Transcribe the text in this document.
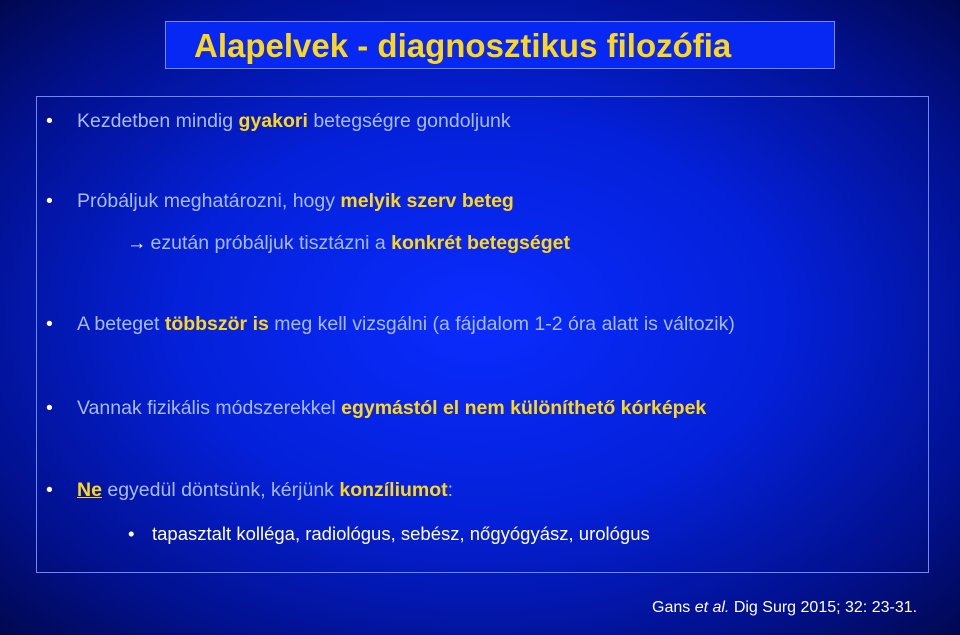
Alapelvek - diagnosztikus filozófia
• Kezdetben mindig gyakori betegségre gondoljunk
• Próbáljuk meghatározni, hogy melyik szerv beteg
→ ezután próbáljuk tisztázni a konkrét betegséget
• A beteget többször is meg kell vizsgálni (a fájdalom 1-2 óra alatt is változik)
• Vannak fizikális módszerekkel egymástól el nem különíthető kórképek
• Ne egyedül döntsünk, kérjünk konzíliumot:
• tapasztalt kolléga, radiológus, sebész, nőgyógyász, urológus
Gans et al. Dig Surg 2015; 32: 23-31.
